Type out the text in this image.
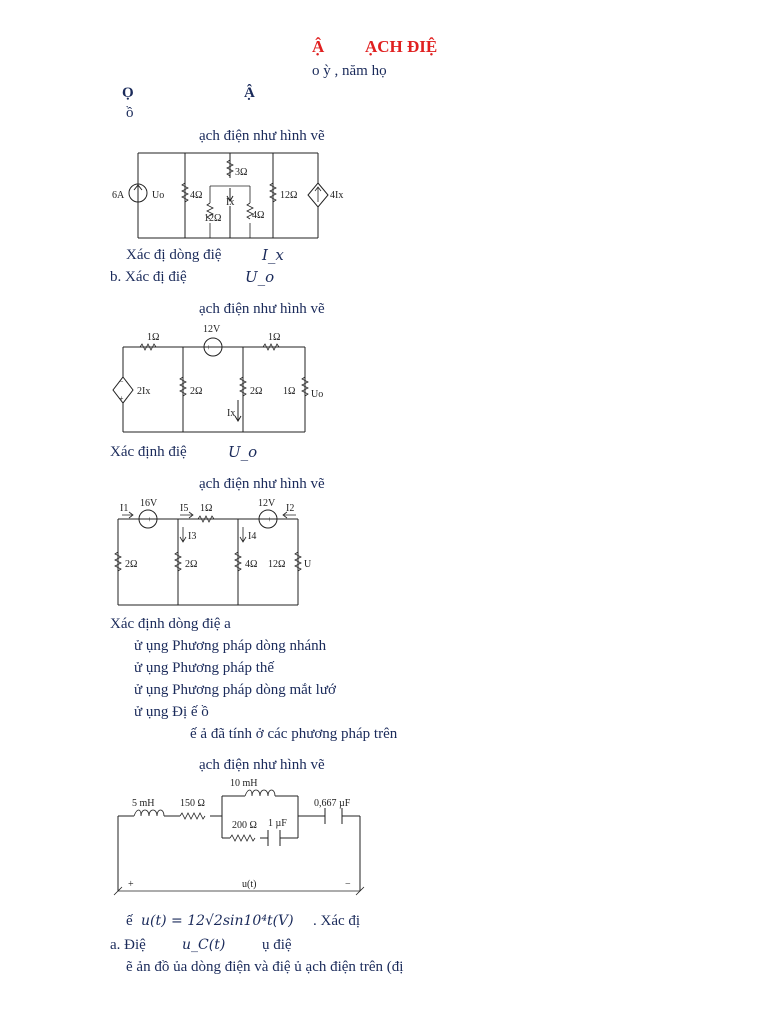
Ậ ẠCH ĐIỆ
o ỳ , năm họ
Ọ	Ậ
ồ
ạch điện như hình vẽ
6A	Uo	4Ω
3Ω
Ix
12Ω	4Ω
12Ω	4Ix
Xác đị dòng điệ	I_x
b. Xác đị điệ	U_o
ạch điện như hình vẽ
+ −
−
+
1Ω
12V
1Ω
2Ix	2Ω	2Ω 1Ω Uo
Ix
Xác định điệ	U_o
ạch điện như hình vẽ
− +	− +
I1 16V I5 1Ω	12V I2
I3	I4
2Ω	2Ω	4Ω 12Ω U
Xác định dòng điệ a
ử ụng Phương pháp dòng nhánh
ử ụng Phương pháp thế
ử ụng Phương pháp dòng mắt lướ
ử ụng Đị ế ồ
ế ả đã tính ở các phương pháp trên
ạch điện như hình vẽ
10 mH
5 mH	150 Ω	0,667 µF
200 Ω 1 µF
u(t)
+	−
ế u(t) = 12√2sin10⁴t(V) . Xác đị
a. Điệ	u_C(t) ụ điệ
ẽ ản đồ ủa dòng điện và điệ ủ ạch điện trên (đị
